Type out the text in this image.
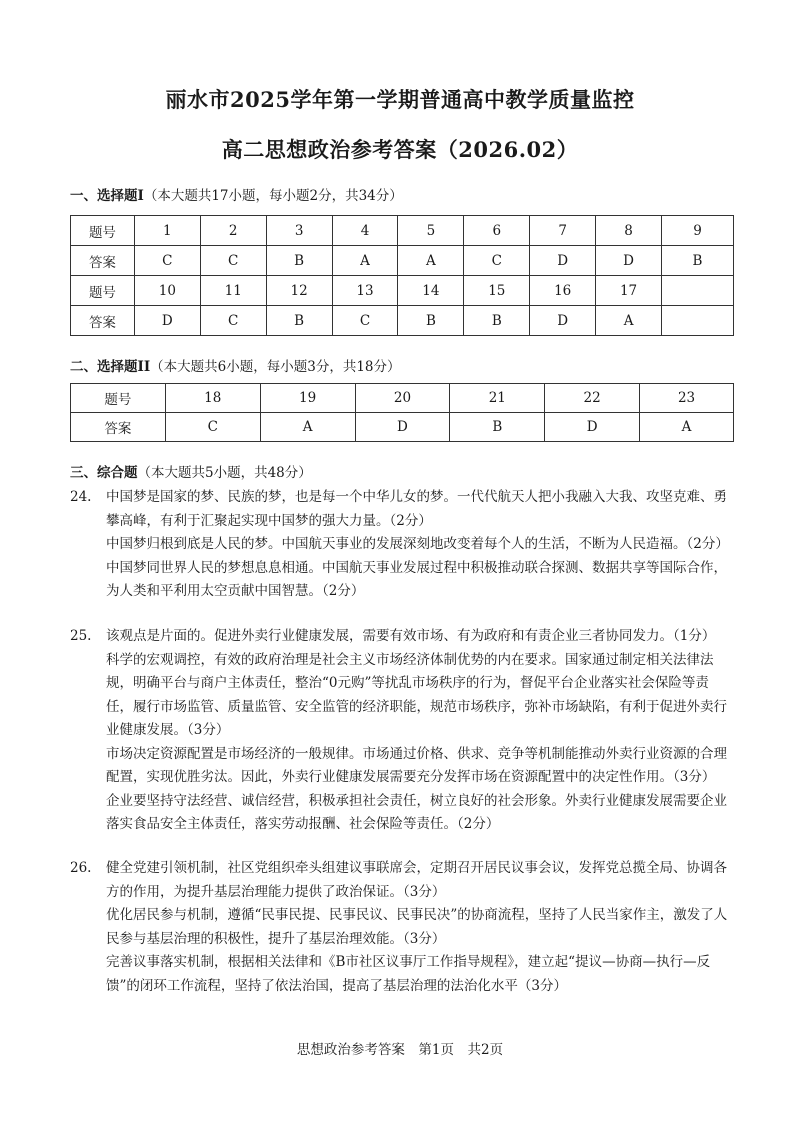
丽水市2025学年第一学期普通高中教学质量监控
高二思想政治参考答案（2026.02）
一、选择题I（本大题共17小题，每小题2分，共34分）
题号	1	2	3	4	5	6	7	8	9
答案	C	C	B	A	A	C	D	D	B
题号	10	11	12	13	14	15	16	17	
答案	D	C	B	C	B	B	D	A	
二、选择题II（本大题共6小题，每小题3分，共18分）
题号	18	19	20	21	22	23
答案	C	A	D	B	D	A
三、综合题（本大题共5小题，共48分）
24. 中国梦是国家的梦、民族的梦，也是每一个中华儿女的梦。一代代航天人把小我融入大我、攻坚克难、勇攀高峰，有利于汇聚起实现中国梦的强大力量。（2分）

中国梦归根到底是人民的梦。中国航天事业的发展深刻地改变着每个人的生活，不断为人民造福。（2分）

中国梦同世界人民的梦想息息相通。中国航天事业发展过程中积极推动联合探测、数据共享等国际合作，为人类和平利用太空贡献中国智慧。（2分）

25. 该观点是片面的。促进外卖行业健康发展，需要有效市场、有为政府和有责企业三者协同发力。（1分）

科学的宏观调控，有效的政府治理是社会主义市场经济体制优势的内在要求。国家通过制定相关法律法规，明确平台与商户主体责任，整治“0元购”等扰乱市场秩序的行为，督促平台企业落实社会保险等责任，履行市场监管、质量监管、安全监管的经济职能，规范市场秩序，弥补市场缺陷，有利于促进外卖行业健康发展。（3分）

市场决定资源配置是市场经济的一般规律。市场通过价格、供求、竞争等机制能推动外卖行业资源的合理配置，实现优胜劣汰。因此，外卖行业健康发展需要充分发挥市场在资源配置中的决定性作用。（3分）

企业要坚持守法经营、诚信经营，积极承担社会责任，树立良好的社会形象。外卖行业健康发展需要企业落实食品安全主体责任，落实劳动报酬、社会保险等责任。（2分）

26. 健全党建引领机制，社区党组织牵头组建议事联席会，定期召开居民议事会议，发挥党总揽全局、协调各方的作用，为提升基层治理能力提供了政治保证。（3分）

优化居民参与机制，遵循“民事民提、民事民议、民事民决”的协商流程，坚持了人民当家作主，激发了人民参与基层治理的积极性，提升了基层治理效能。（3分）

完善议事落实机制，根据相关法律和《B市社区议事厅工作指导规程》，建立起“提议—协商—执行—反馈”的闭环工作流程，坚持了依法治国，提高了基层治理的法治化水平（3分）

思想政治参考答案　第1页　共2页
